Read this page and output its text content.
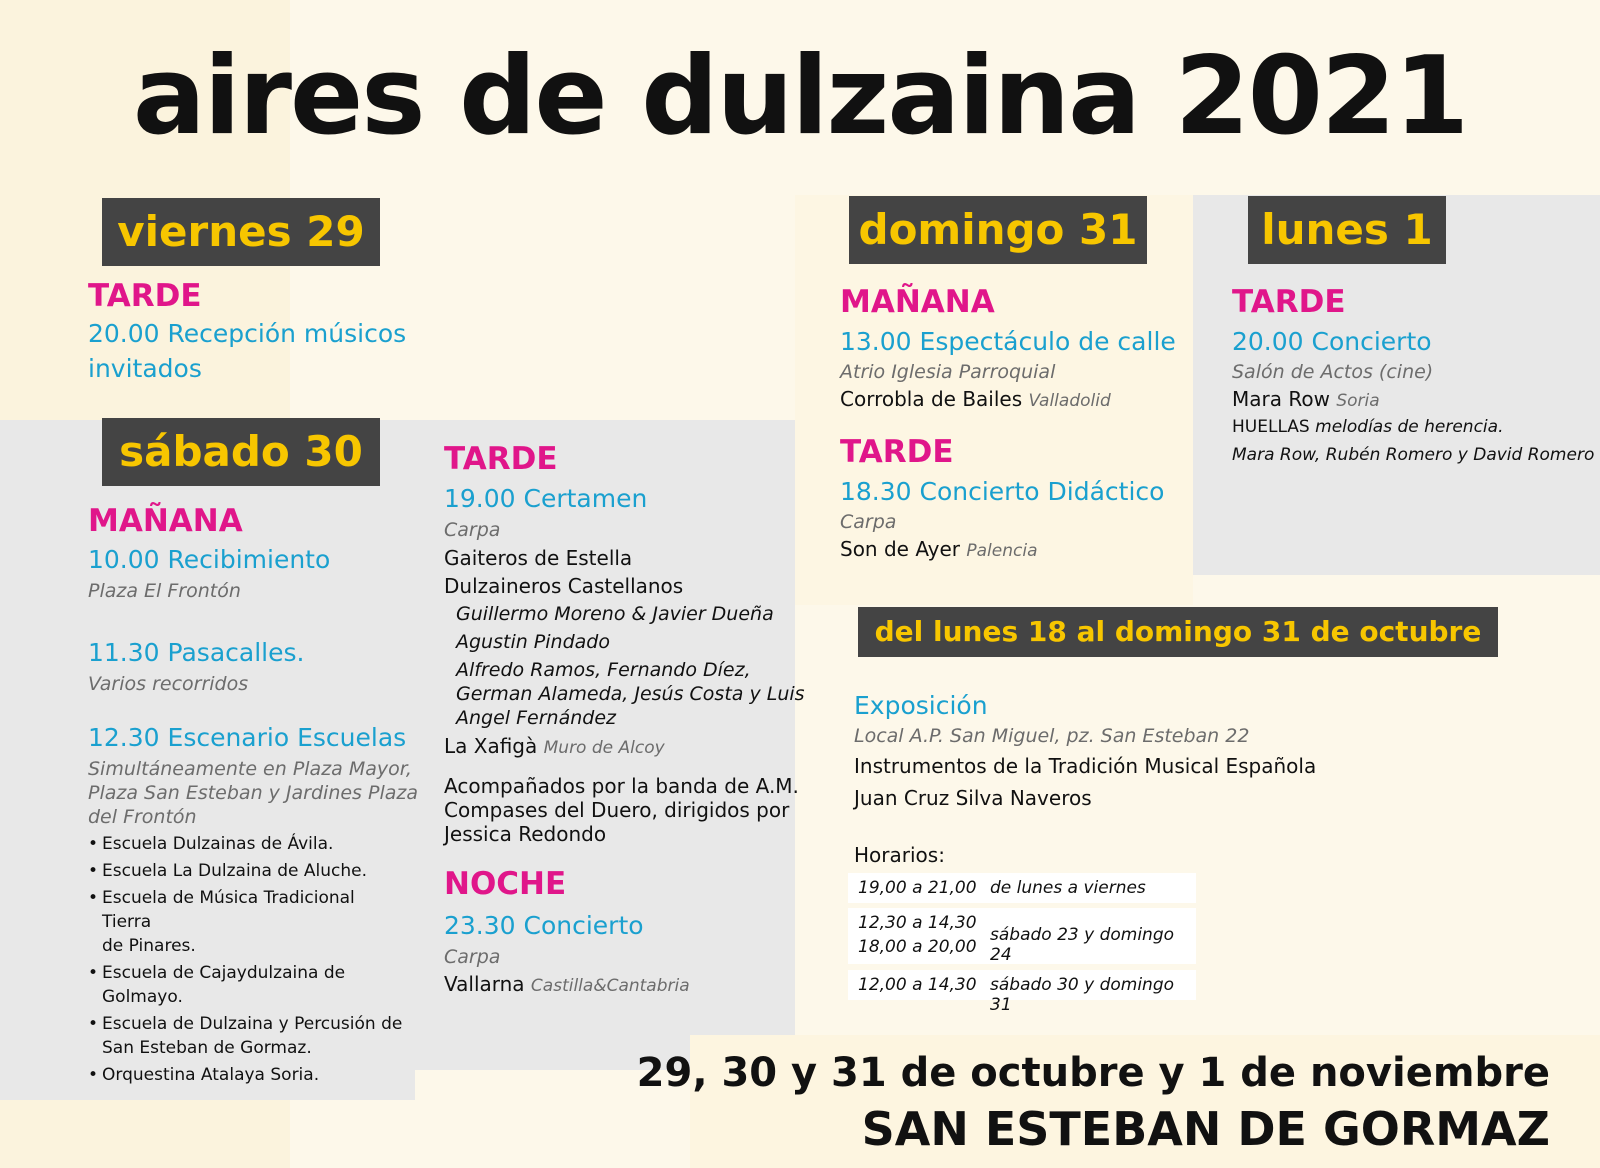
aires de dulzaina 2021
viernes 29
TARDE
20.00 Recepción músicos
invitados
sábado 30
MAÑANA
10.00 Recibimiento
Plaza El Frontón
11.30 Pasacalles.
Varios recorridos
12.30 Escenario Escuelas
Simultáneamente en Plaza Mayor,
Plaza San Esteban y Jardines Plaza
del Frontón
• Escuela Dulzainas de Ávila.
• Escuela La Dulzaina de Aluche.
• Escuela de Música Tradicional Tierra
de Pinares.
• Escuela de Cajaydulzaina de
Golmayo.
• Escuela de Dulzaina y Percusión de
San Esteban de Gormaz.
• Orquestina Atalaya Soria.
TARDE
19.00 Certamen
Carpa
Gaiteros de Estella
Dulzaineros Castellanos
Guillermo Moreno & Javier Dueña
Agustin Pindado
Alfredo Ramos, Fernando Díez,
German Alameda, Jesús Costa y Luis
Angel Fernández
La Xafigà Muro de Alcoy
Acompañados por la banda de A.M.
Compases del Duero, dirigidos por
Jessica Redondo
NOCHE
23.30 Concierto
Carpa
Vallarna Castilla&Cantabria
domingo 31
MAÑANA
13.00 Espectáculo de calle
Atrio Iglesia Parroquial
Corrobla de Bailes Valladolid
TARDE
18.30 Concierto Didáctico
Carpa
Son de Ayer Palencia
lunes 1
TARDE
20.00 Concierto
Salón de Actos (cine)
Mara Row Soria
HUELLAS melodías de herencia.
Mara Row, Rubén Romero y David Romero
del lunes 18 al domingo 31 de octubre
Exposición
Local A.P. San Miguel, pz. San Esteban 22
Instrumentos de la Tradición Musical Española
Juan Cruz Silva Naveros
Horarios:
19,00 a 21,00 de lunes a viernes
12,30 a 14,30
18,00 a 20,00
sábado 23 y domingo 24
12,00 a 14,30 sábado 30 y domingo 31
29, 30 y 31 de octubre y 1 de noviembre
SAN ESTEBAN DE GORMAZ
